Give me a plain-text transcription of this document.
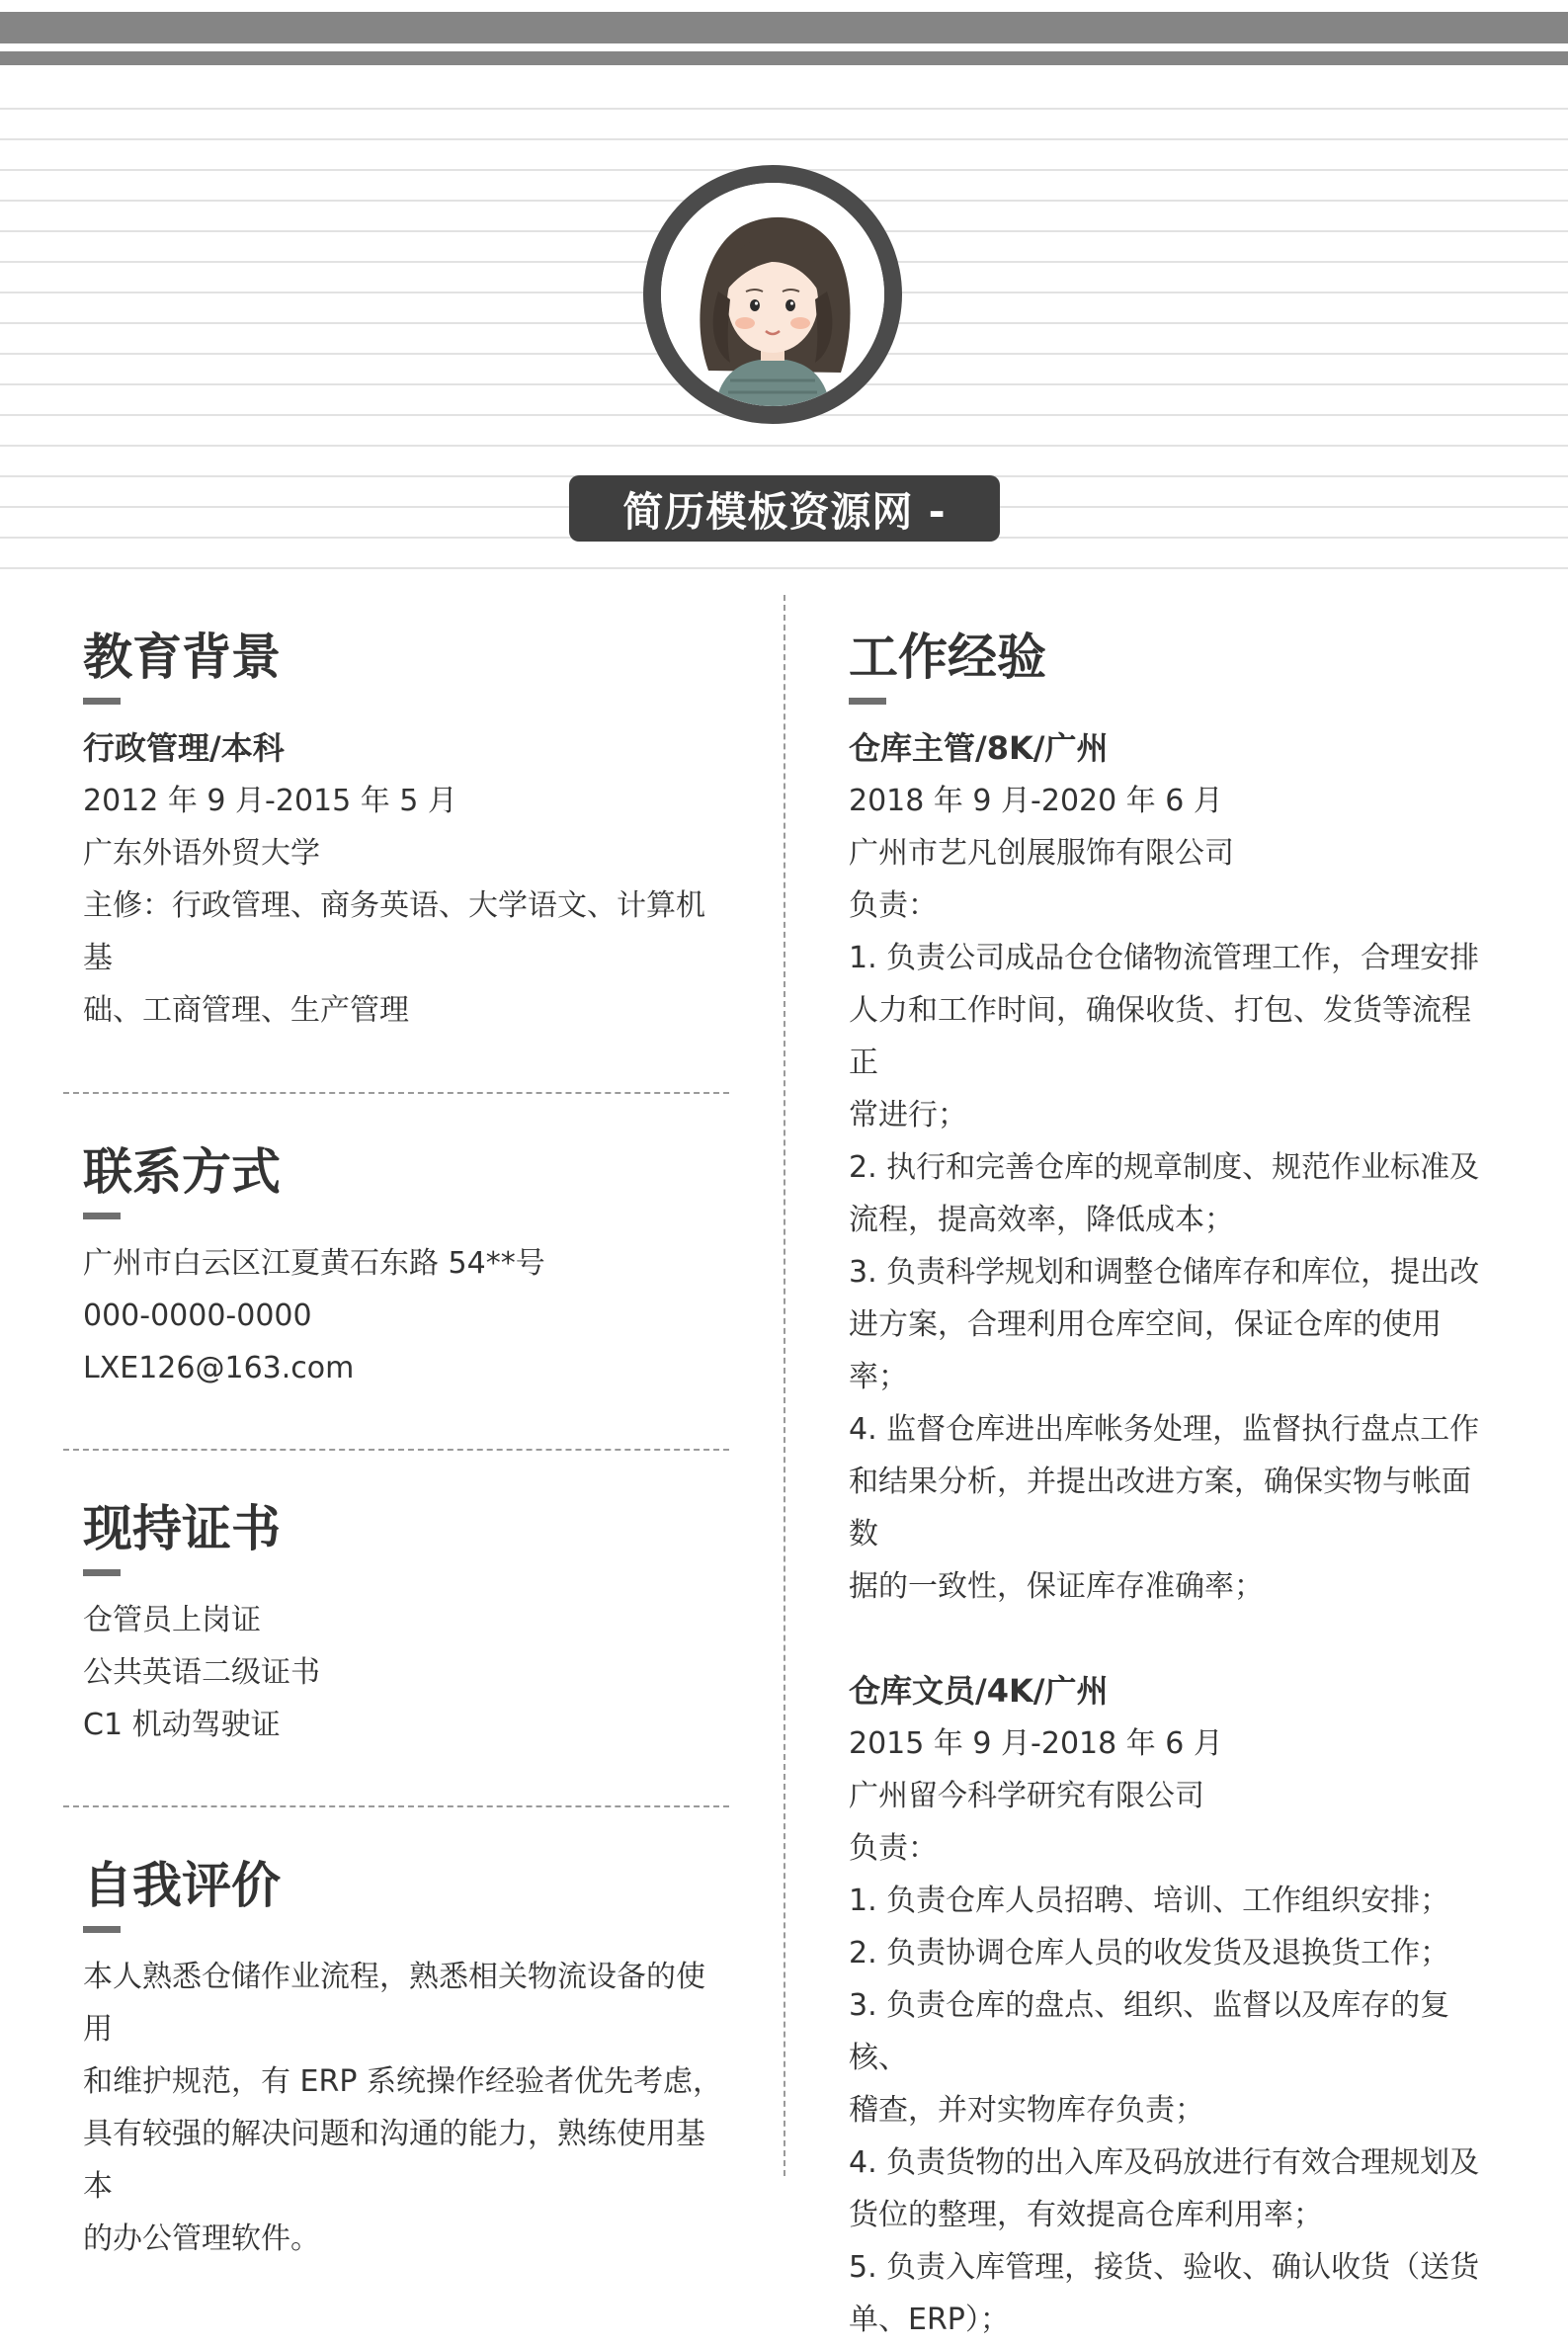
简历模板资源网 -
教育背景
行政管理/本科
2012 年 9 月-2015 年 5 月
广东外语外贸大学
主修：行政管理、商务英语、大学语文、计算机基
础、工商管理、生产管理
联系方式
广州市白云区江夏黄石东路 54**号
000-0000-0000
LXE126@163.com
现持证书
仓管员上岗证
公共英语二级证书
C1 机动驾驶证
自我评价
本人熟悉仓储作业流程，熟悉相关物流设备的使用
和维护规范，有 ERP 系统操作经验者优先考虑，
具有较强的解决问题和沟通的能力，熟练使用基本
的办公管理软件。
工作经验
仓库主管/8K/广州
2018 年 9 月-2020 年 6 月
广州市艺凡创展服饰有限公司
负责：
1. 负责公司成品仓仓储物流管理工作，合理安排
人力和工作时间，确保收货、打包、发货等流程正
常进行；
2. 执行和完善仓库的规章制度、规范作业标准及
流程，提高效率，降低成本；
3. 负责科学规划和调整仓储库存和库位，提出改
进方案，合理利用仓库空间，保证仓库的使用率；
4. 监督仓库进出库帐务处理，监督执行盘点工作
和结果分析，并提出改进方案，确保实物与帐面数
据的一致性，保证库存准确率；
仓库文员/4K/广州
2015 年 9 月-2018 年 6 月
广州留今科学研究有限公司
负责：
1. 负责仓库人员招聘、培训、工作组织安排；
2. 负责协调仓库人员的收发货及退换货工作；
3. 负责仓库的盘点、组织、监督以及库存的复核、
稽查，并对实物库存负责；
4. 负责货物的出入库及码放进行有效合理规划及
货位的整理，有效提高仓库利用率；
5. 负责入库管理，接货、验收、确认收货（送货
单、ERP）；
